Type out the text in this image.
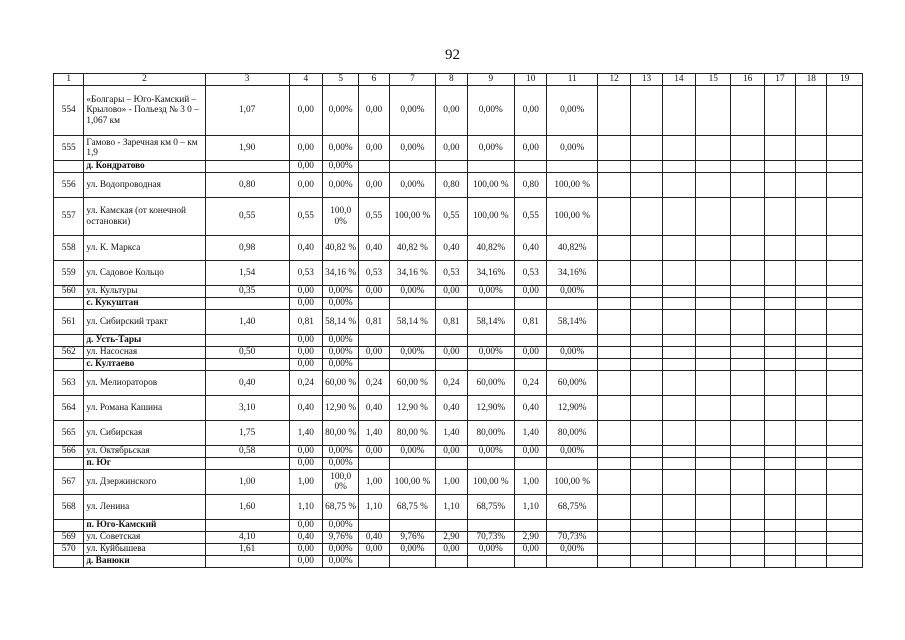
92
1	2	3	4	5	6	7	8	9	10	11	12	13	14	15	16	17	18	19
554	«Болгары – Юго-Камский – Крылово» - Польезд № 3 0 – 1,067 км	1,07	0,00	0,00%	0,00	0,00%	0,00	0,00%	0,00	0,00%								
555	Гамово - Заречная км 0 – км 1,9	1,90	0,00	0,00%	0,00	0,00%	0,00	0,00%	0,00	0,00%								
	д. Кондратово		0,00	0,00%														
556	ул. Водопроводная	0,80	0,00	0,00%	0,00	0,00%	0,80	100,00 %	0,80	100,00 %								
557	ул. Камская (от конечной остановки)	0,55	0,55	100,0 0%	0,55	100,00 %	0,55	100,00 %	0,55	100,00 %								
558	ул. К. Маркса	0,98	0,40	40,82 %	0,40	40,82 %	0,40	40,82%	0,40	40,82%								
559	ул. Садовое Кольцо	1,54	0,53	34,16 %	0,53	34,16 %	0,53	34,16%	0,53	34,16%								
560	ул. Культуры	0,35	0,00	0,00%	0,00	0,00%	0,00	0,00%	0,00	0,00%								
	с. Кукуштан		0,00	0,00%														
561	ул. Сибирский тракт	1,40	0,81	58,14 %	0,81	58,14 %	0,81	58,14%	0,81	58,14%								
	д. Усть-Тары		0,00	0,00%														
562	ул. Насосная	0,50	0,00	0,00%	0,00	0,00%	0,00	0,00%	0,00	0,00%								
	с. Култаево		0,00	0,00%														
563	ул. Мелиораторов	0,40	0,24	60,00 %	0,24	60,00 %	0,24	60,00%	0,24	60,00%								
564	ул. Романа Кашина	3,10	0,40	12,90 %	0,40	12,90 %	0,40	12,90%	0,40	12,90%								
565	ул. Сибирская	1,75	1,40	80,00 %	1,40	80,00 %	1,40	80,00%	1,40	80,00%								
566	ул. Октябрьская	0,58	0,00	0,00%	0,00	0,00%	0,00	0,00%	0,00	0,00%								
	п. Юг		0,00	0,00%														
567	ул. Дзержинского	1,00	1,00	100,0 0%	1,00	100,00 %	1,00	100,00 %	1,00	100,00 %								
568	ул. Ленина	1,60	1,10	68,75 %	1,10	68,75 %	1,10	68,75%	1,10	68,75%								
	п. Юго-Камский		0,00	0,00%														
569	ул. Советская	4,10	0,40	9,76%	0,40	9,76%	2,90	70,73%	2,90	70,73%								
570	ул. Куйбышева	1,61	0,00	0,00%	0,00	0,00%	0,00	0,00%	0,00	0,00%								
	д. Ванюки		0,00	0,00%														
